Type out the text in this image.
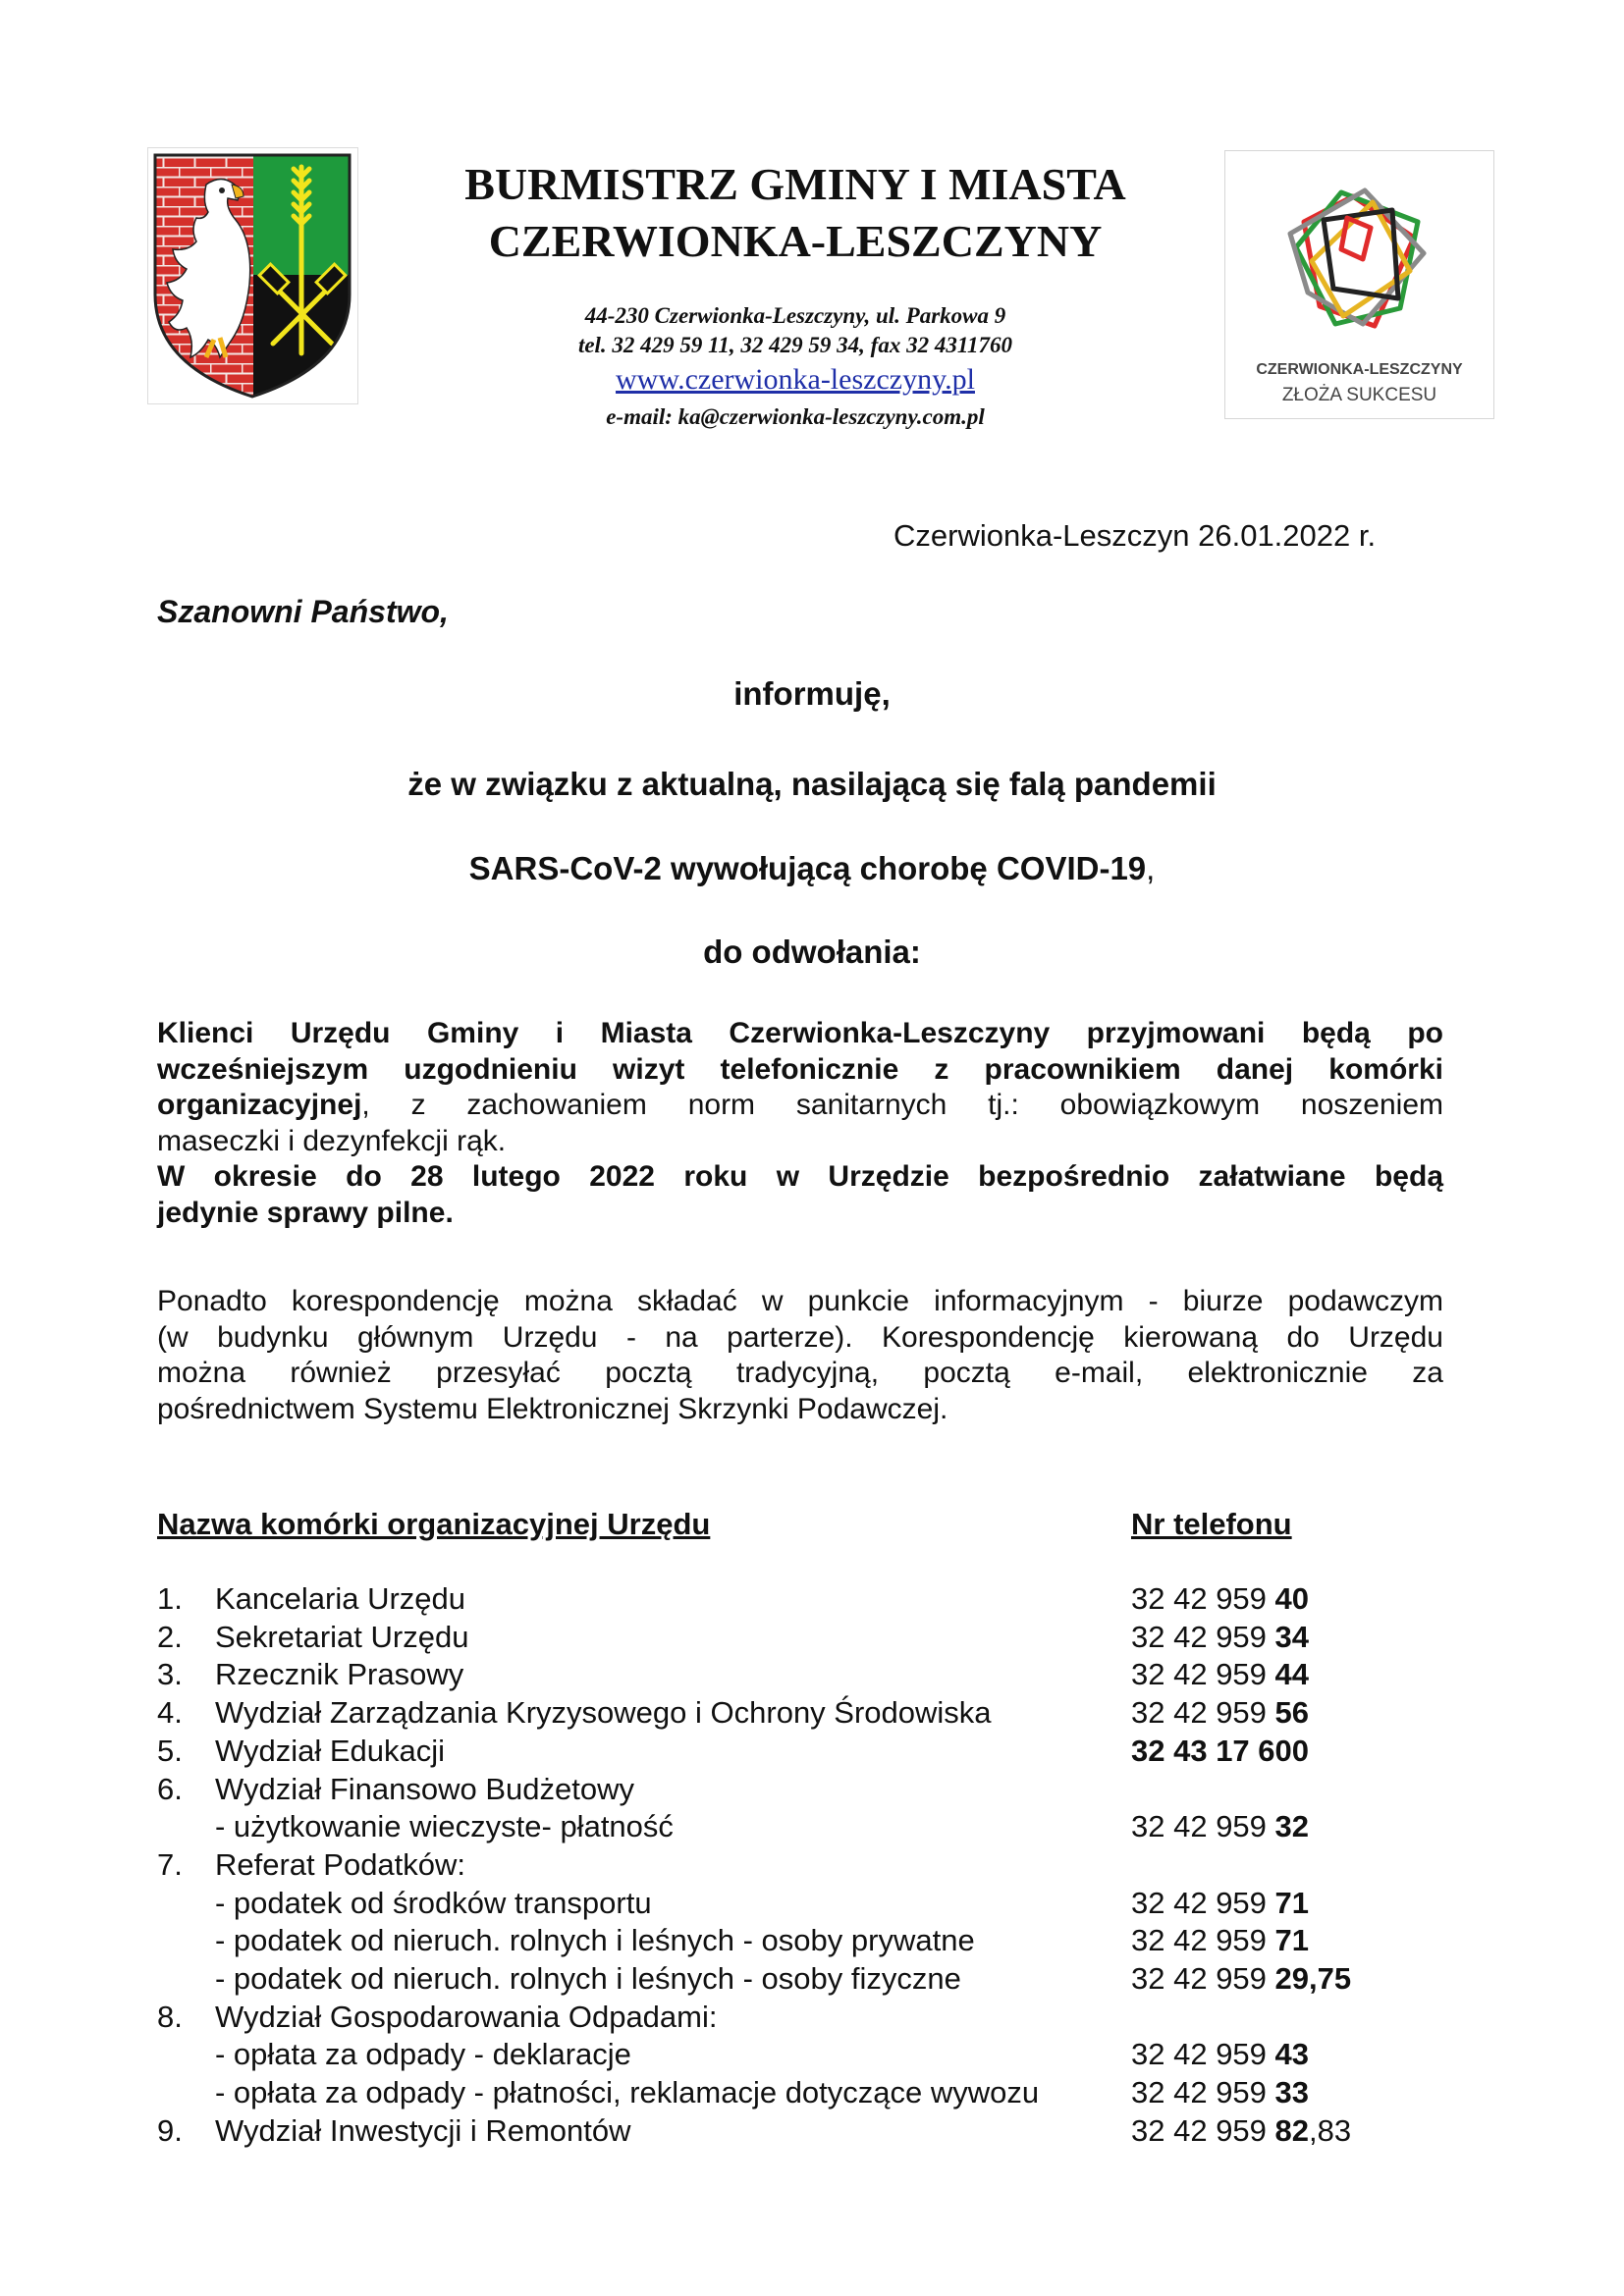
BURMISTRZ GMINY I MIASTA
CZERWIONKA-LESZCZYNY
44-230 Czerwionka-Leszczyny, ul. Parkowa 9
tel. 32 429 59 11, 32 429 59 34, fax 32 4311760
www.czerwionka-leszczyny.pl
e-mail: ka@czerwionka-leszczyny.com.pl
CZERWIONKA-LESZCZYNY
ZŁOŻA SUKCESU
Czerwionka-Leszczyn 26.01.2022 r.
Szanowni Państwo,
informuję,
że w związku z aktualną, nasilającą się falą pandemii
SARS-CoV-2 wywołującą chorobę COVID-19,
do odwołania:
Klienci Urzędu Gminy i Miasta Czerwionka-Leszczyny przyjmowani będą po
wcześniejszym uzgodnieniu wizyt telefonicznie z pracownikiem danej komórki
organizacyjnej, z zachowaniem norm sanitarnych tj.: obowiązkowym noszeniem
maseczki i dezynfekcji rąk.
W okresie do 28 lutego 2022 roku w Urzędzie bezpośrednio załatwiane będą
jedynie sprawy pilne.
Ponadto korespondencję można składać w punkcie informacyjnym - biurze podawczym
(w budynku głównym Urzędu - na parterze). Korespondencję kierowaną do Urzędu
można również przesyłać pocztą tradycyjną, pocztą e-mail, elektronicznie za
pośrednictwem Systemu Elektronicznej Skrzynki Podawczej.
Nazwa komórki organizacyjnej Urzędu	Nr telefonu
1. Kancelaria Urzędu	32 42 959 40
2. Sekretariat Urzędu	32 42 959 34
3. Rzecznik Prasowy	32 42 959 44
4. Wydział Zarządzania Kryzysowego i Ochrony Środowiska	32 42 959 56
5. Wydział Edukacji	32 43 17 600
6. Wydział Finansowo Budżetowy
- użytkowanie wieczyste- płatność	32 42 959 32
7. Referat Podatków:
- podatek od środków transportu	32 42 959 71
- podatek od nieruch. rolnych i leśnych - osoby prywatne	32 42 959 71
- podatek od nieruch. rolnych i leśnych - osoby fizyczne	32 42 959 29,75
8. Wydział Gospodarowania Odpadami:
- opłata za odpady - deklaracje	32 42 959 43
- opłata za odpady - płatności, reklamacje dotyczące wywozu	32 42 959 33
9. Wydział Inwestycji i Remontów	32 42 959 82,83
